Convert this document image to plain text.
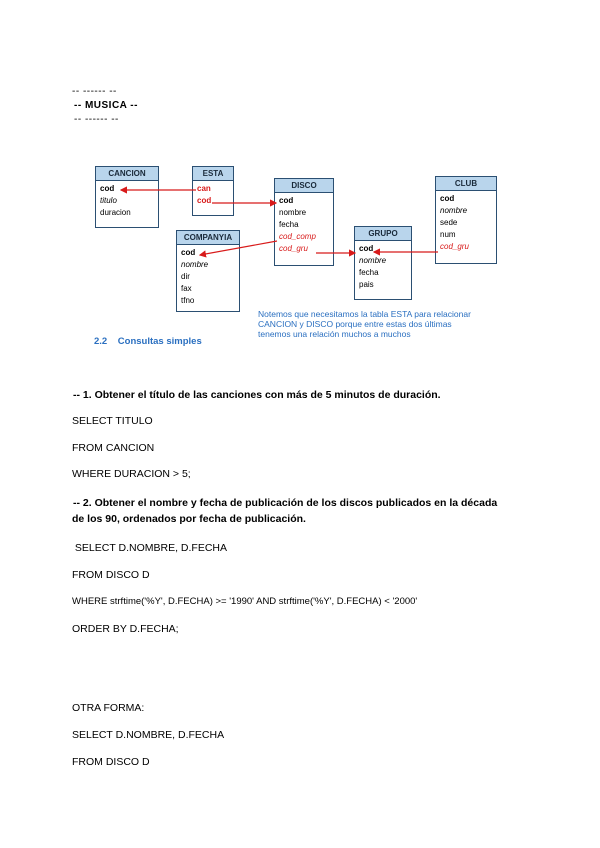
-- ------ --
-- MUSICA --
-- ------ --
CANCION
cod
titulo
duracion
ESTA
can
cod
DISCO
cod
nombre
fecha
cod_comp
cod_gru
CLUB
cod
nombre
sede
num
cod_gru
COMPANYIA
cod
nombre
dir
fax
tfno
GRUPO
cod
nombre
fecha
pais
Notemos que necesitamos la tabla ESTA para relacionar CANCION y DISCO porque entre estas dos últimas tenemos una relación muchos a muchos
2.2 Consultas simples
-- 1. Obtener el título de las canciones con más de 5 minutos de duración.
SELECT TITULO
FROM CANCION
WHERE DURACION > 5;
-- 2. Obtener el nombre y fecha de publicación de los discos publicados en la década
de los 90, ordenados por fecha de publicación.
SELECT D.NOMBRE, D.FECHA
FROM DISCO D
WHERE strftime('%Y', D.FECHA) >= '1990' AND strftime('%Y', D.FECHA) < '2000'
ORDER BY D.FECHA;
OTRA FORMA:
SELECT D.NOMBRE, D.FECHA
FROM DISCO D
